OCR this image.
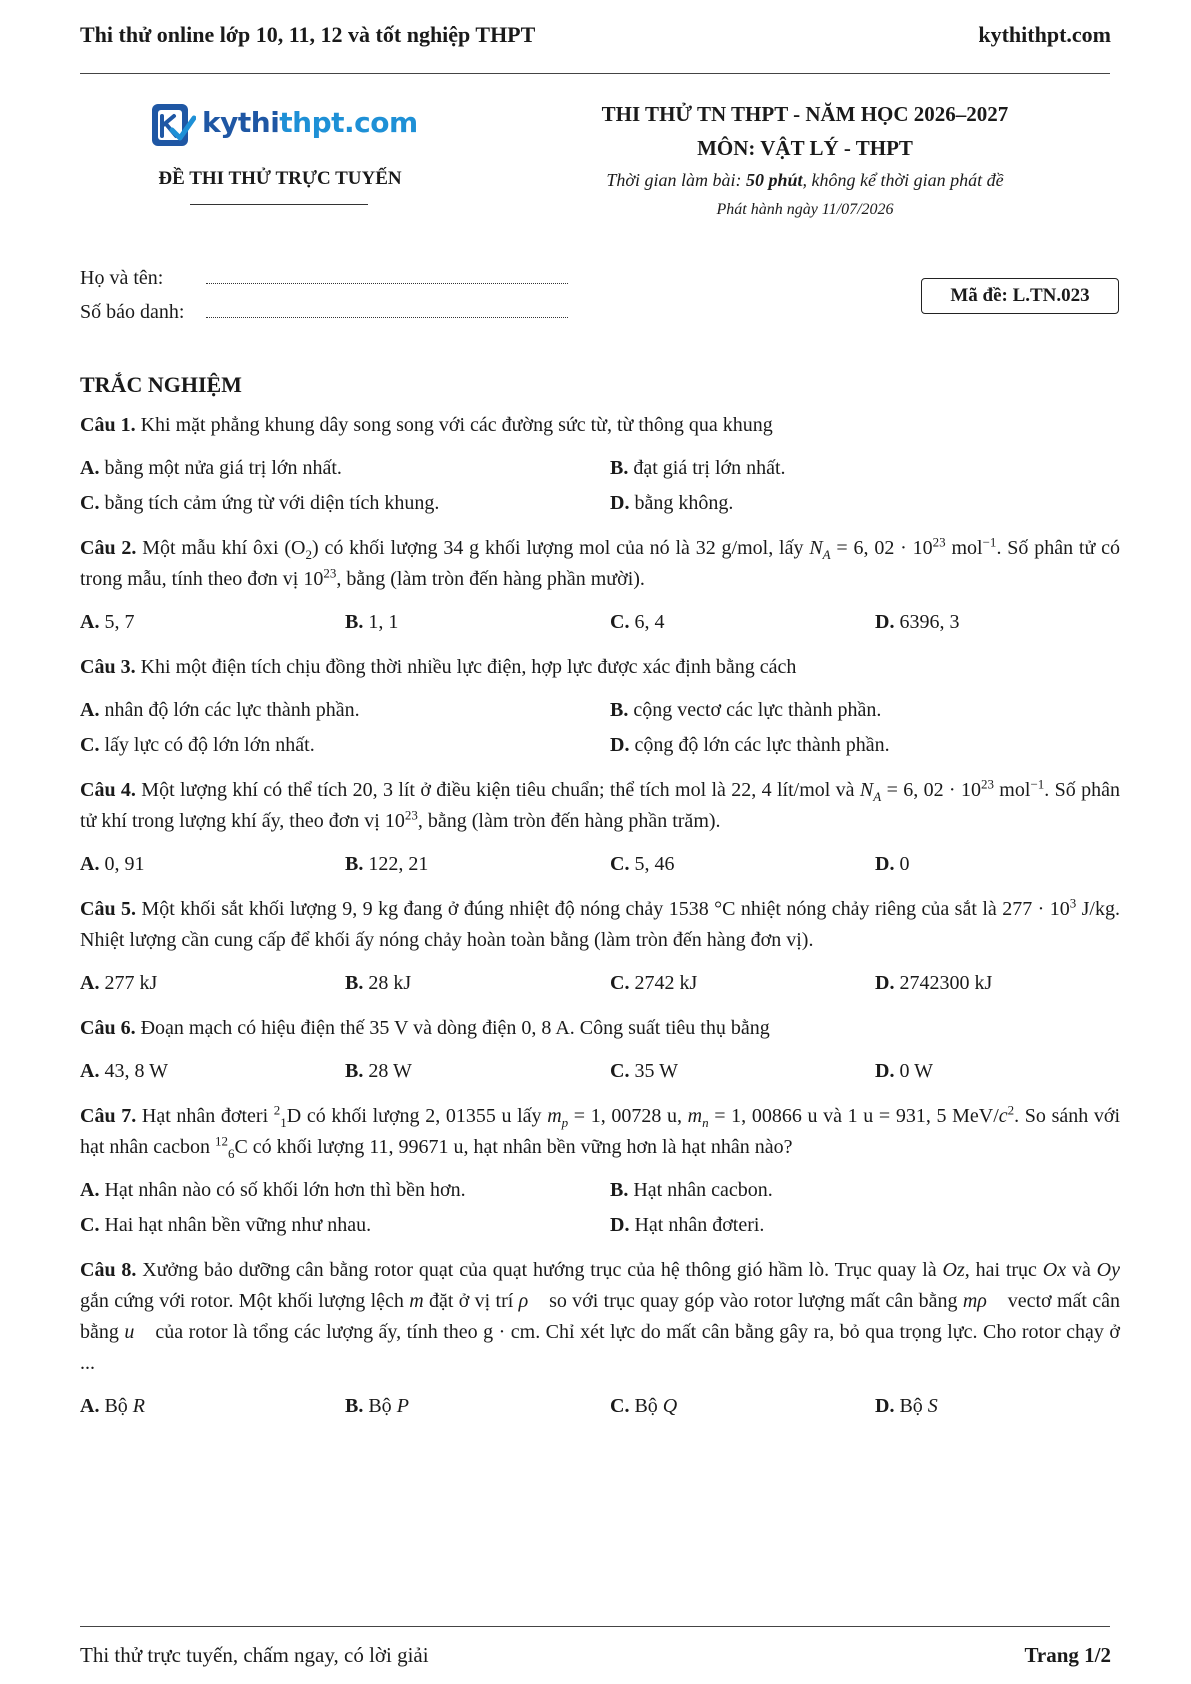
Thi thử online lớp 10, 11, 12 và tốt nghiệp THPT	kythithpt.com
kythithpt.com
ĐỀ THI THỬ TRỰC TUYẾN
THI THỬ TN THPT - NĂM HỌC 2026–2027
MÔN: VẬT LÝ - THPT
Thời gian làm bài: 50 phút, không kể thời gian phát đề
Phát hành ngày 11/07/2026
Họ và tên:
Số báo danh:
Mã đề: L.TN.023
TRẮC NGHIỆM
Câu 1. Khi mặt phẳng khung dây song song với các đường sức từ, từ thông qua khung
A. bằng một nửa giá trị lớn nhất.	B. đạt giá trị lớn nhất.
C. bằng tích cảm ứng từ với diện tích khung.	D. bằng không.
Câu 2. Một mẫu khí ôxi $(O_2)$ có khối lượng 34 g khối lượng mol của nó là 32 g/mol, lấy $N_A = 6$, $02 \cdot 10^{23}$ mol$^{-1}$. Số phân tử có trong mẫu, tính theo đơn vị $10^{23}$, bằng (làm tròn đến hàng phần mười).
A. 5, 7	B. 1, 1	C. 6, 4	D. 6396, 3
Câu 3. Khi một điện tích chịu đồng thời nhiều lực điện, hợp lực được xác định bằng cách
A. nhân độ lớn các lực thành phần.	B. cộng vectơ các lực thành phần.
C. lấy lực có độ lớn lớn nhất.	D. cộng độ lớn các lực thành phần.
Câu 4. Một lượng khí có thể tích 20, 3 lít ở điều kiện tiêu chuẩn; thể tích mol là 22, 4 lít/mol và $N_A = 6$, $02 \cdot 10^{23}$ mol$^{-1}$. Số phân tử khí trong lượng khí ấy, theo đơn vị $10^{23}$, bằng (làm tròn đến hàng phần trăm).
A. 0, 91	B. 122, 21	C. 5, 46	D. 0
Câu 5. Một khối sắt khối lượng 9, 9 kg đang ở đúng nhiệt độ nóng chảy 1538 °C nhiệt nóng chảy riêng của sắt là $277 \cdot 10^3$ J/kg. Nhiệt lượng cần cung cấp để khối ấy nóng chảy hoàn toàn bằng (làm tròn đến hàng đơn vị).
A. 277 kJ	B. 28 kJ	C. 2742 kJ	D. 2742300 kJ
Câu 6. Đoạn mạch có hiệu điện thế 35 V và dòng điện 0, 8 A. Công suất tiêu thụ bằng
A. 43, 8 W	B. 28 W	C. 35 W	D. 0 W
Câu 7. Hạt nhân đơteri $^2_1$D có khối lượng 2, 01355 u lấy $m_p = 1$, 00728 u, $m_n = 1$, 00866 u và 1 u = 931, 5 MeV/$c^2$. So sánh với hạt nhân cacbon $^{12}_6$C có khối lượng 11, 99671 u, hạt nhân bền vững hơn là hạt nhân nào?
A. Hạt nhân nào có số khối lớn hơn thì bền hơn.	B. Hạt nhân cacbon.
C. Hai hạt nhân bền vững như nhau.	D. Hạt nhân đơteri.
Câu 8. Xưởng bảo dưỡng cân bằng rotor quạt của quạt hướng trục của hệ thông gió hầm lò. Trục quay là Oz, hai trục Ox và Oy gắn cứng với rotor. Một khối lượng lệch m đặt ở vị trí ρ⃗ so với trục quay góp vào rotor lượng mất cân bằng mρ⃗ vectơ mất cân bằng u⃗ của rotor là tổng các lượng ấy, tính theo g · cm. Chỉ xét lực do mất cân bằng gây ra, bỏ qua trọng lực. Cho rotor chạy ở ...
A. Bộ R	B. Bộ P	C. Bộ Q	D. Bộ S
Thi thử trực tuyến, chấm ngay, có lời giải	Trang 1/2
